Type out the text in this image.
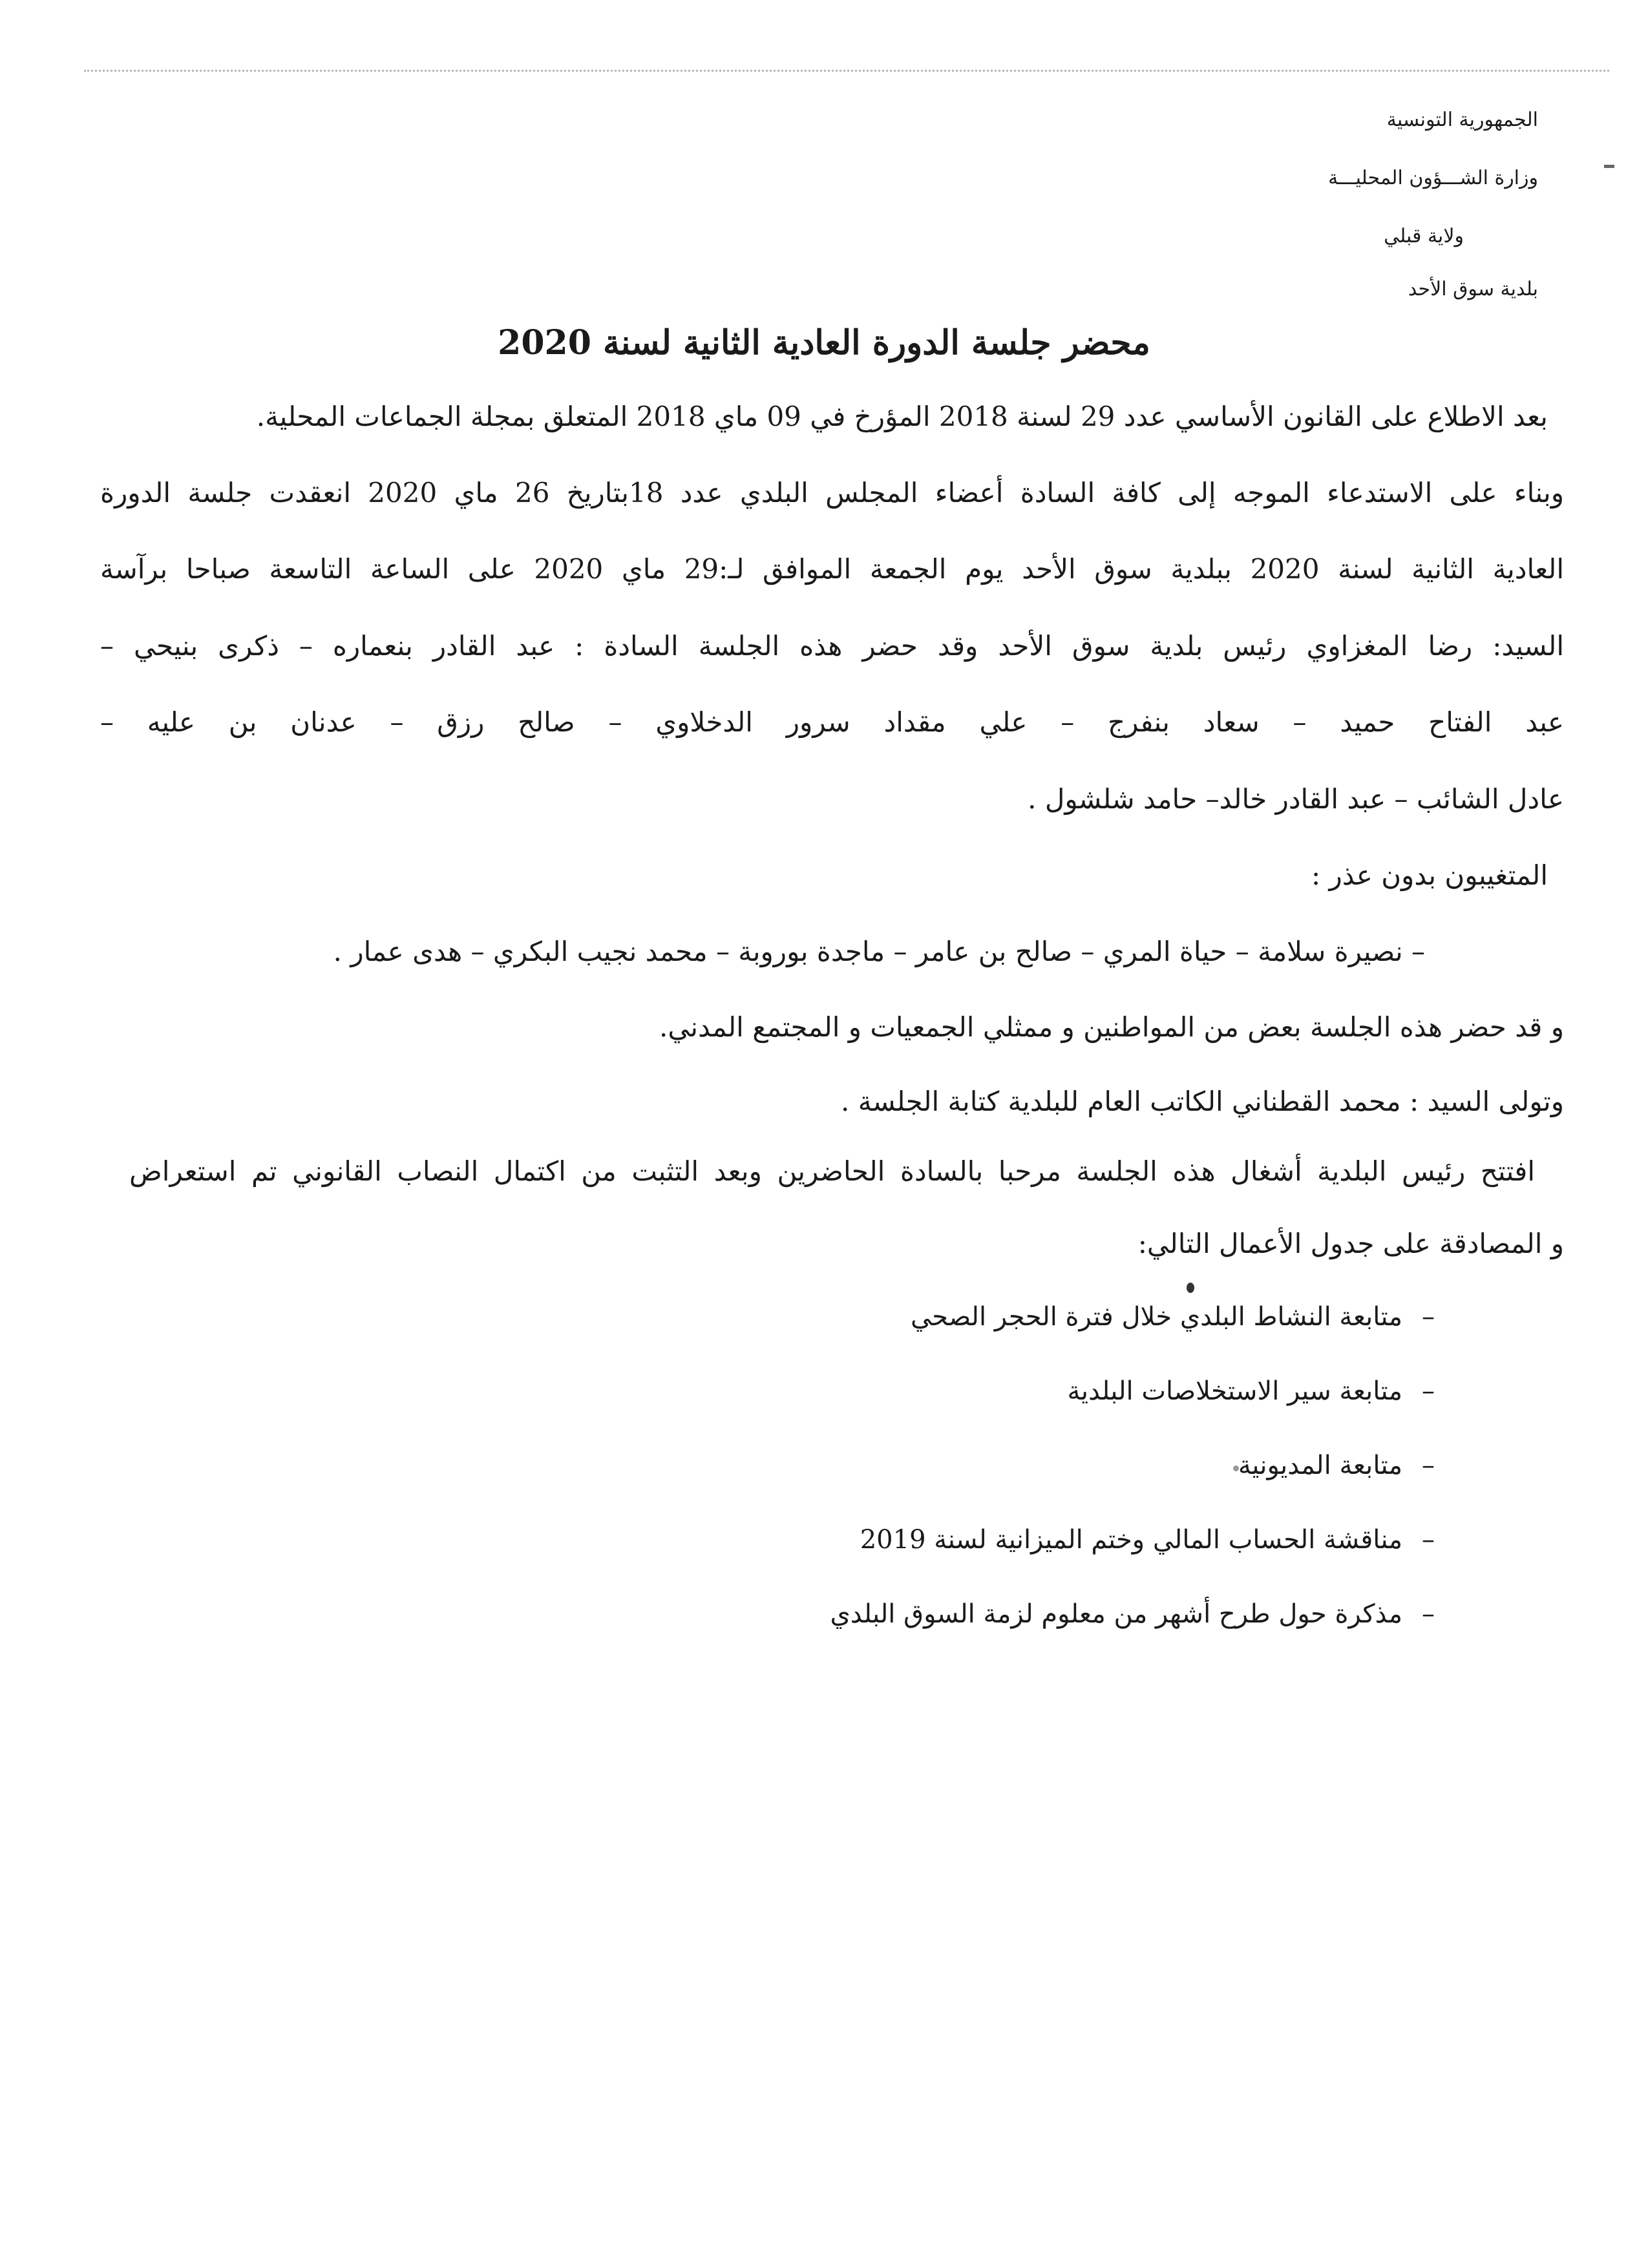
الجمهورية التونسية
وزارة الشـــؤون المحليـــة
ولاية قبلي
بلدية سوق الأحد
محضر جلسة الدورة العادية الثانية لسنة 2020
بعد الاطلاع على القانون الأساسي عدد 29 لسنة 2018 المؤرخ في 09 ماي 2018 المتعلق بمجلة الجماعات المحلية.
وبناء على الاستدعاء الموجه إلى كافة السادة أعضاء المجلس البلدي عدد 18بتاريخ 26 ماي 2020 انعقدت جلسة الدورة
العادية الثانية لسنة 2020 ببلدية سوق الأحد يوم الجمعة الموافق لـ:29 ماي 2020 على الساعة التاسعة صباحا برآسة
السيد: رضا المغزاوي رئيس بلدية سوق الأحد وقد حضر هذه الجلسة السادة : عبد القادر بنعماره – ذكرى بنيحي –
عبد الفتاح حميد – سعاد بنفرج – علي مقداد سرور الدخلاوي – صالح رزق – عدنان بن عليه –
عادل الشائب – عبد القادر خالد– حامد شلشول .
المتغيبون بدون عذر :
– نصيرة سلامة – حياة المري – صالح بن عامر – ماجدة بوروبة – محمد نجيب البكري – هدى عمار .
و قد حضر هذه الجلسة بعض من المواطنين و ممثلي الجمعيات و المجتمع المدني.
وتولى السيد : محمد القطناني الكاتب العام للبلدية كتابة الجلسة .
افتتح رئيس البلدية أشغال هذه الجلسة مرحبا بالسادة الحاضرين وبعد التثبت من اكتمال النصاب القانوني تم استعراض
و المصادقة على جدول الأعمال التالي:
–متابعة النشاط البلدي خلال فترة الحجر الصحي
–متابعة سير الاستخلاصات البلدية
–متابعة المديونية
–مناقشة الحساب المالي وختم الميزانية لسنة 2019
–مذكرة حول طرح أشهر من معلوم لزمة السوق البلدي
